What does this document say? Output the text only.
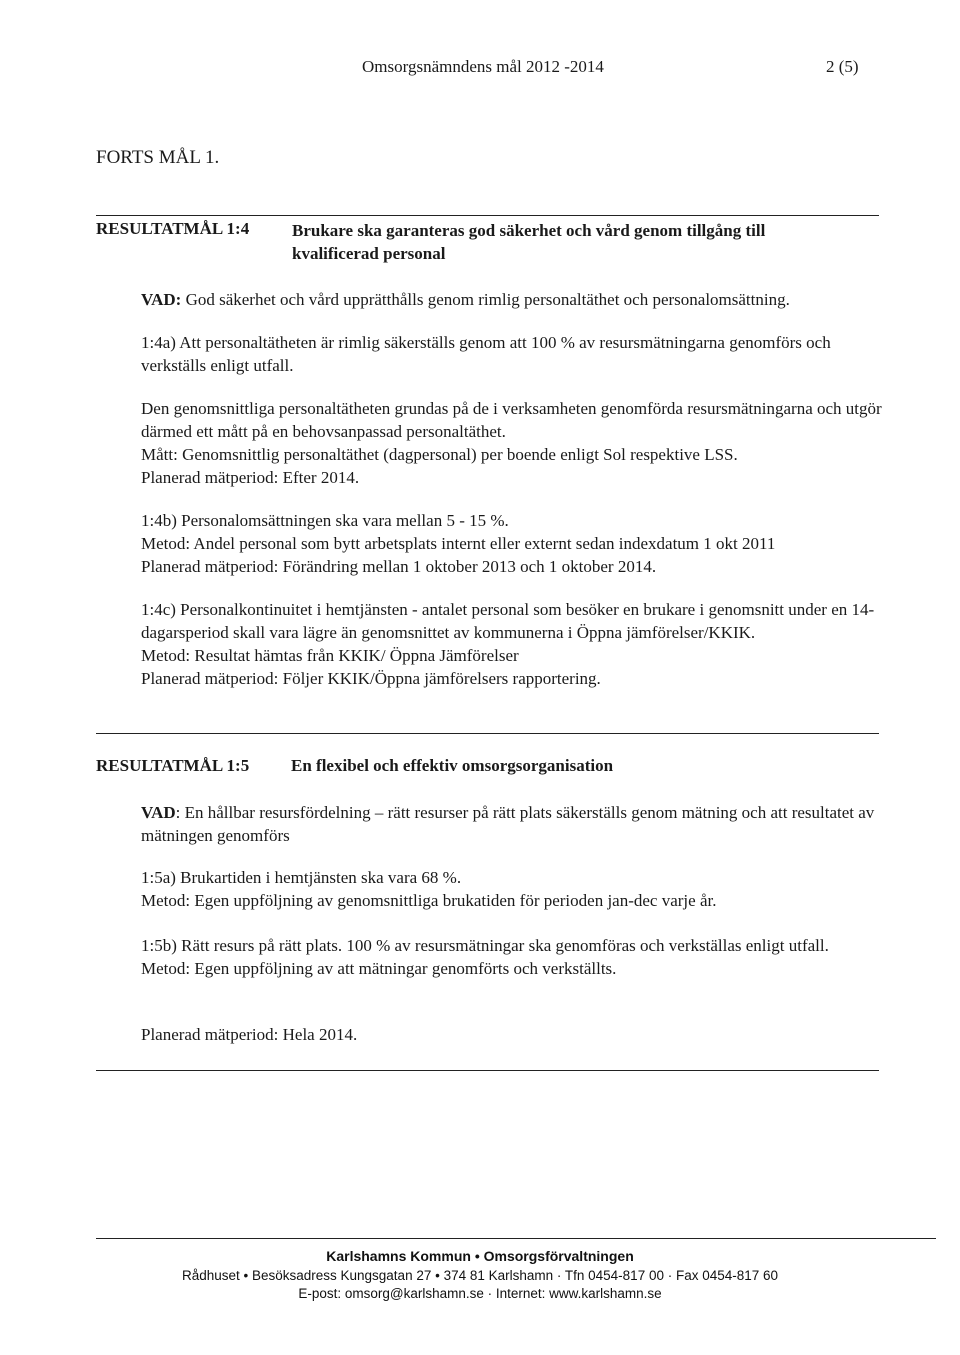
Omsorgsnämndens mål 2012 -2014	2 (5)
FORTS MÅL 1.
RESULTATMÅL 1:4	Brukare ska garanteras god säkerhet och vård genom tillgång till kvalificerad personal

VAD: God säkerhet och vård upprätthålls genom rimlig personaltäthet och personalomsättning.

1:4a) Att personaltätheten är rimlig säkerställs genom att 100 % av resursmätningarna genomförs och verkställs enligt utfall.

Den genomsnittliga personaltätheten grundas på de i verksamheten genomförda resursmätningarna och utgör därmed ett mått på en behovsanpassad personaltäthet.

Mått: Genomsnittlig personaltäthet (dagpersonal) per boende enligt Sol respektive LSS.

Planerad mätperiod: Efter 2014.

1:4b) Personalomsättningen ska vara mellan 5 - 15 %.

Metod: Andel personal som bytt arbetsplats internt eller externt sedan indexdatum 1 okt 2011

Planerad mätperiod: Förändring mellan 1 oktober 2013 och 1 oktober 2014.

1:4c) Personalkontinuitet i hemtjänsten - antalet personal som besöker en brukare i genomsnitt under en 14-dagarsperiod skall vara lägre än genomsnittet av kommunerna i Öppna jämförelser/KKIK.

Metod: Resultat hämtas från KKIK/ Öppna Jämförelser

Planerad mätperiod: Följer KKIK/Öppna jämförelsers rapportering.

RESULTATMÅL 1:5 En flexibel och effektiv omsorgsorganisation

VAD: En hållbar resursfördelning – rätt resurser på rätt plats säkerställs genom mätning och att resultatet av mätningen genomförs

1:5a) Brukartiden i hemtjänsten ska vara 68 %.

Metod: Egen uppföljning av genomsnittliga brukatiden för perioden jan-dec varje år.

1:5b) Rätt resurs på rätt plats. 100 % av resursmätningar ska genomföras och verkställas enligt utfall.

Metod: Egen uppföljning av att mätningar genomförts och verkställts.

Planerad mätperiod: Hela 2014.
Karlshamns Kommun • Omsorgsförvaltningen
Rådhuset • Besöksadress Kungsgatan 27 • 374 81 Karlshamn · Tfn 0454-817 00 · Fax 0454-817 60
E-post: omsorg@karlshamn.se · Internet: www.karlshamn.se
